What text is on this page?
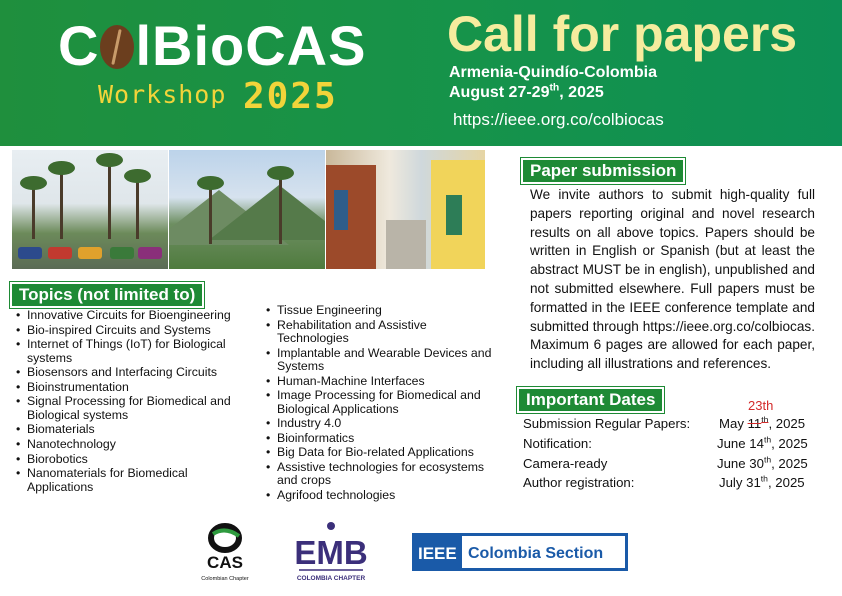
C lBioCAS
Workshop 2025
Call for papers
Armenia-Quindío-Colombia
August 27-29th, 2025
https://ieee.org.co/colbiocas
Topics (not limited to)
• Innovative Circuits for Bioengineering
• Bio-inspired Circuits and Systems
• Internet of Things (IoT) for Biological systems
• Biosensors and Interfacing Circuits
• Bioinstrumentation
• Signal Processing for Biomedical and Biological systems
• Biomaterials
• Nanotechnology
• Biorobotics
• Nanomaterials for Biomedical Applications
• Tissue Engineering
• Rehabilitation and Assistive Technologies
• Implantable and Wearable Devices and Systems
• Human-Machine Interfaces
• Image Processing for Biomedical and Biological Applications
• Industry 4.0
• Bioinformatics
• Big Data for Bio-related Applications
• Assistive technologies for ecosystems and crops
• Agrifood technologies
Paper submission
We invite authors to submit high-quality full papers reporting original and novel research results on all above topics. Papers should be written in English or Spanish (but at least the abstract MUST be in english), unpublished and not submitted elsewhere. Full papers must be formatted in the IEEE conference template and submitted through https://ieee.org.co/colbiocas. Maximum 6 pages are allowed for each paper, including all illustrations and references.
Important Dates	23th
Submission Regular Papers: May 11th, 2025
Notification:	June 14th, 2025
Camera-ready	June 30th, 2025
Author registration:	July 31th, 2025
CAS
Colombian Chapter
EMB
COLOMBIA CHAPTER
IEEE Colombia Section
